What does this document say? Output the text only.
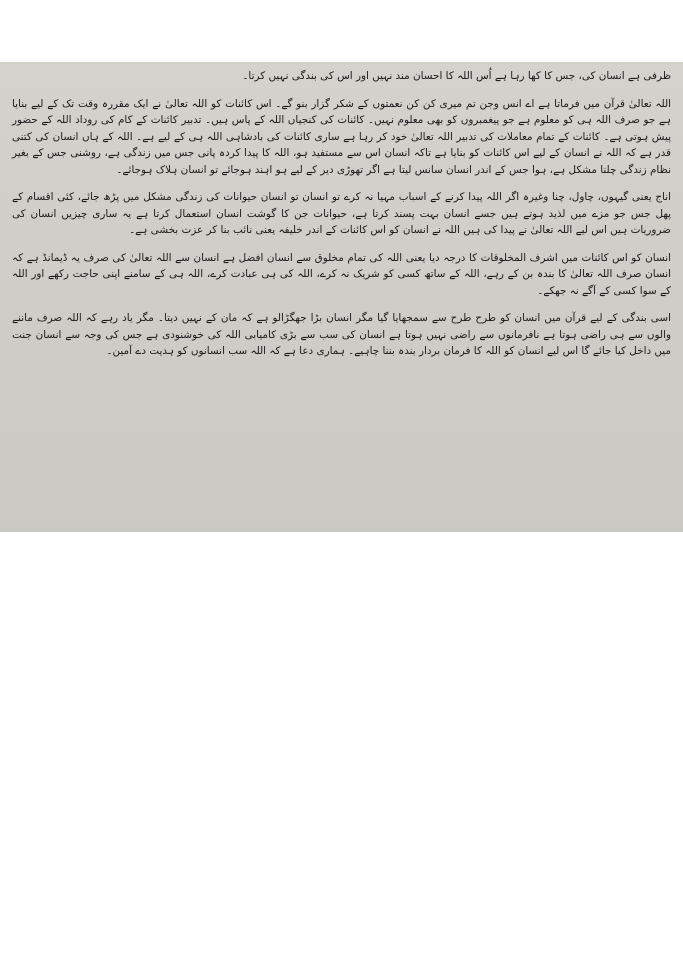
ظرفی ہے انسان کی، جس کا کھا رہا ہے اُس اللہ کا احسان مند نہیں اور اس کی بندگی نہیں کرتا۔

اللہ تعالیٰ قرآن میں فرماتا ہے اے انس وجن تم میری کن کن نعمتوں کے شکر گزار بنو گے۔ اس کائنات کو اللہ تعالیٰ نے ایک مقررہ وقت تک کے لیے بنایا ہے جو صرف اللہ ہی کو معلوم ہے جو پیغمبروں کو بھی معلوم نہیں۔ کائنات کی کنجیاں اللہ کے پاس ہیں۔ تدبیر کائنات کے کام کی روداد اللہ کے حضور پیش ہوتی ہے۔ کائنات کے تمام معاملات کی تدبیر اللہ تعالیٰ خود کر رہا ہے ساری کائنات کی بادشاہی اللہ ہی کے لیے ہے۔ اللہ کے ہاں انسان کی کتنی قدر ہے کہ اللہ نے انسان کے لیے اس کائنات کو بنایا ہے تاکہ انسان اس سے مستفید ہو، اللہ کا پیدا کردہ پانی جس میں زندگی ہے، روشنی جس کے بغیر نظام زندگی چلنا مشکل ہے، ہوا جس کے اندر انسان سانس لیتا ہے اگر تھوڑی دیر کے لیے ہو اہند ہوجائے تو انسان ہلاک ہوجائے۔

اناج یعنی گیہوں، چاول، چنا وغیرہ اگر اللہ پیدا کرنے کے اسباب مہیا نہ کرے تو انسان تو انسان حیوانات کی زندگی مشکل میں پڑھ جائے، کئی اقسام کے پھل جس جو مزے میں لذید ہوتے ہیں جسے انسان بہت پسند کرتا ہے، حیوانات جن کا گوشت انسان استعمال کرتا ہے یہ ساری چیزیں انسان کی ضروریات ہیں اس لیے اللہ تعالیٰ نے پیدا کی ہیں اللہ نے انسان کو اس کائنات کے اندر خلیفہ یعنی نائب بنا کر عزت بخشی ہے۔

انسان کو اس کائنات میں اشرف المخلوقات کا درجہ دیا یعنی اللہ کی تمام مخلوق سے انسان افضل ہے انسان سے اللہ تعالیٰ کی صرف یہ ڈیمانڈ ہے کہ انسان صرف اللہ تعالیٰ کا بندہ بن کے رہے، اللہ کے ساتھ کسی کو شریک نہ کرے، اللہ کی ہی عبادت کرے، اللہ ہی کے سامنے اپنی حاجت رکھے اور اللہ کے سوا کسی کے آگے نہ جھکے۔

اسی بندگی کے لیے قرآن میں انسان کو طرح طرح سے سمجھایا گیا مگر انسان بڑا جھگڑالو ہے کہ مان کے نہیں دیتا۔ مگر یاد رہے کہ اللہ صرف ماننے والوں سے ہی راضی ہوتا ہے نافرمانوں سے راضی نہیں ہوتا ہے انسان کی سب سے بڑی کامیابی اللہ کی خوشنودی ہے جس کی وجہ سے انسان جنت میں داخل کیا جائے گا اس لیے انسان کو اللہ کا فرمان بردار بندہ بننا چاہیے۔ ہماری دعا ہے کہ اللہ سب انسانوں کو ہدیت دے آمین۔
